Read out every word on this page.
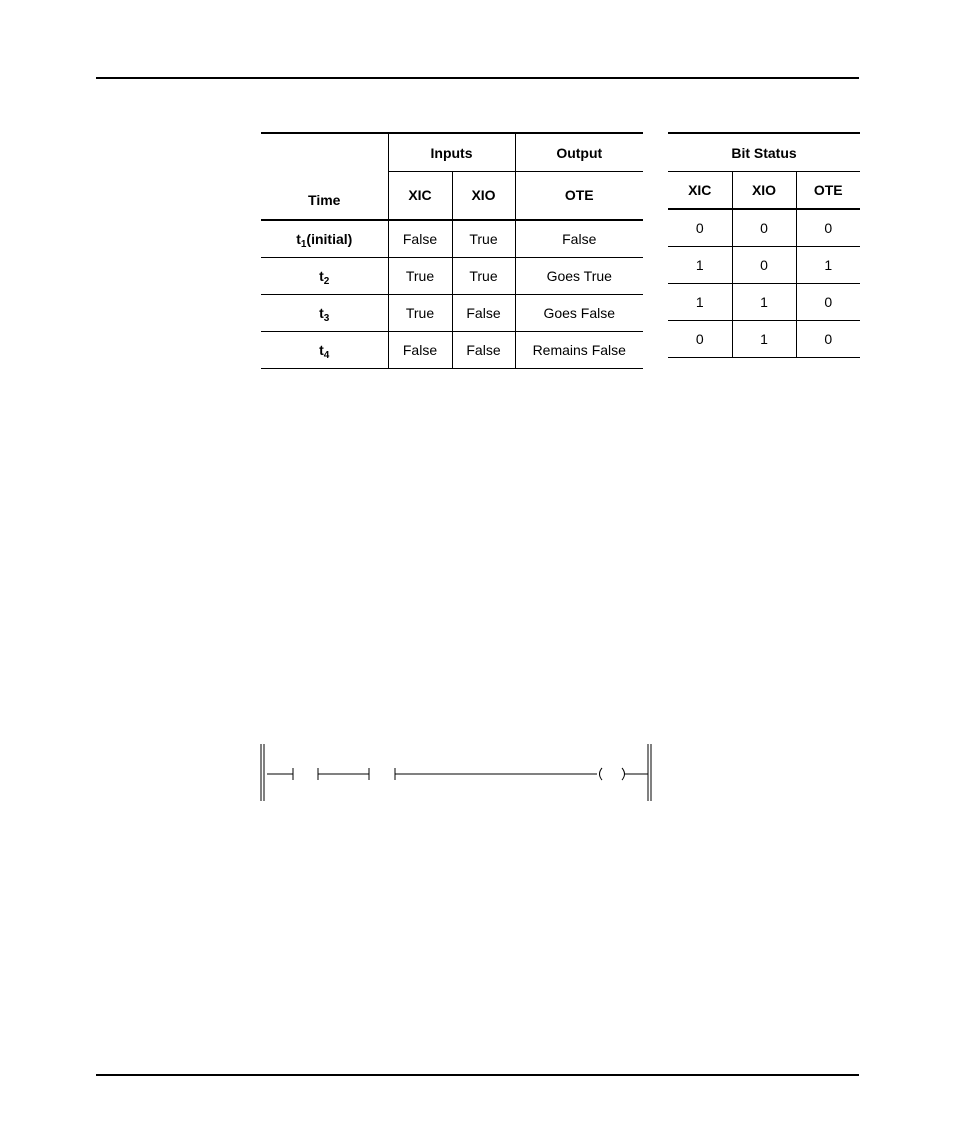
	Inputs		Output
Time	XIC	XIO	OTE
$t_1(initial)$	False	True	False
$t_2$	True	True	Goes True
$t_3$	True	False	Goes False
$t_4$	False	False	Remains False
Bit Status		
XIC	XIO	OTE
0	0	0
1	0	1
1	1	0
0	1	0
